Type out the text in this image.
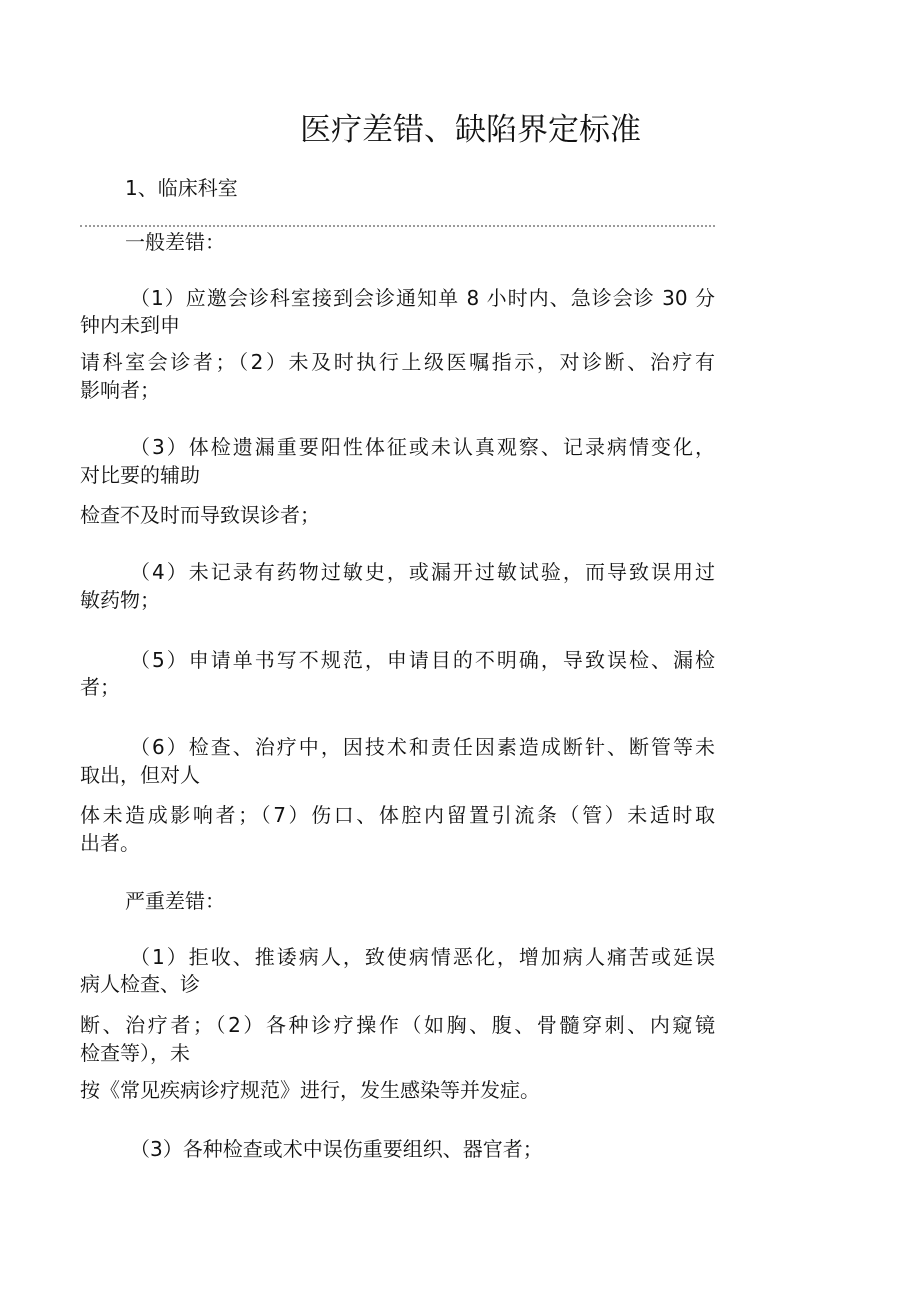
医疗差错、缺陷界定标准
1、临床科室
一般差错：
（1）应邀会诊科室接到会诊通知单 8 小时内、急诊会诊 30 分
钟内未到申
请科室会诊者；（2）未及时执行上级医嘱指示，对诊断、治疗有
影响者；
（3）体检遗漏重要阳性体征或未认真观察、记录病情变化，
对比要的辅助
检查不及时而导致误诊者；
（4）未记录有药物过敏史，或漏开过敏试验，而导致误用过
敏药物；
（5）申请单书写不规范，申请目的不明确，导致误检、漏检
者；
（6）检查、治疗中，因技术和责任因素造成断针、断管等未
取出，但对人
体未造成影响者；（7）伤口、体腔内留置引流条（管）未适时取
出者。
严重差错：
（1）拒收、推诿病人，致使病情恶化，增加病人痛苦或延误
病人检查、诊
断、治疗者；（2）各种诊疗操作（如胸、腹、骨髓穿刺、内窥镜
检查等），未
按《常见疾病诊疗规范》进行，发生感染等并发症。
（3）各种检查或术中误伤重要组织、器官者；
